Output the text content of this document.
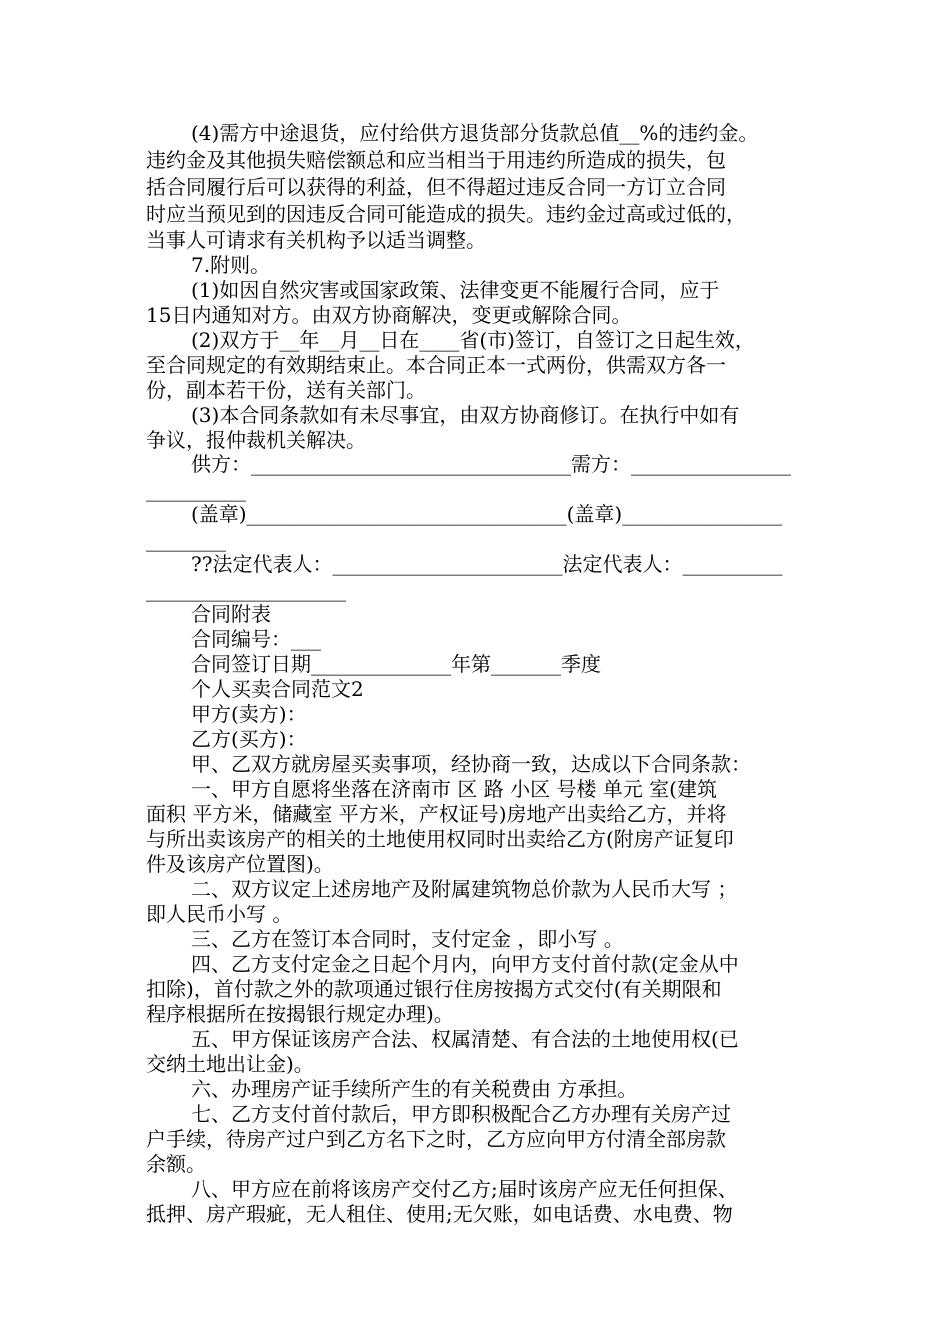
(4)需方中途退货，应付给供方退货部分货款总值__%的违约金。
违约金及其他损失赔偿额总和应当相当于用违约所造成的损失，包
括合同履行后可以获得的利益，但不得超过违反合同一方订立合同
时应当预见到的因违反合同可能造成的损失。违约金过高或过低的，
当事人可请求有关机构予以适当调整。
7.附则。
(1)如因自然灾害或国家政策、法律变更不能履行合同，应于
15日内通知对方。由双方协商解决，变更或解除合同。
(2)双方于__年__月__日在____省(市)签订，自签订之日起生效，
至合同规定的有效期结束止。本合同正本一式两份，供需双方各一
份，副本若干份，送有关部门。
(3)本合同条款如有未尽事宜，由双方协商修订。在执行中如有
争议，报仲裁机关解决。
供方：________________________________需方：________________
__________
(盖章)________________________________(盖章)________________
________
??法定代表人：_______________________法定代表人：__________
____________________
合同附表
合同编号：___
合同签订日期______________年第_______季度
个人买卖合同范文2
甲方(卖方)：
乙方(买方)：
甲、乙双方就房屋买卖事项，经协商一致，达成以下合同条款：
一、甲方自愿将坐落在济南市 区 路 小区 号楼 单元 室(建筑
面积 平方米，储藏室 平方米，产权证号)房地产出卖给乙方，并将
与所出卖该房产的相关的土地使用权同时出卖给乙方(附房产证复印
件及该房产位置图)。
二、双方议定上述房地产及附属建筑物总价款为人民币大写 ；
即人民币小写 。
三、乙方在签订本合同时，支付定金 ，即小写 。
四、乙方支付定金之日起个月内，向甲方支付首付款(定金从中
扣除)，首付款之外的款项通过银行住房按揭方式交付(有关期限和
程序根据所在按揭银行规定办理)。
五、甲方保证该房产合法、权属清楚、有合法的土地使用权(已
交纳土地出让金)。
六、办理房产证手续所产生的有关税费由 方承担。
七、乙方支付首付款后，甲方即积极配合乙方办理有关房产过
户手续，待房产过户到乙方名下之时，乙方应向甲方付清全部房款
余额。
八、甲方应在前将该房产交付乙方;届时该房产应无任何担保、
抵押、房产瑕疵，无人租住、使用;无欠账，如电话费、水电费、物
